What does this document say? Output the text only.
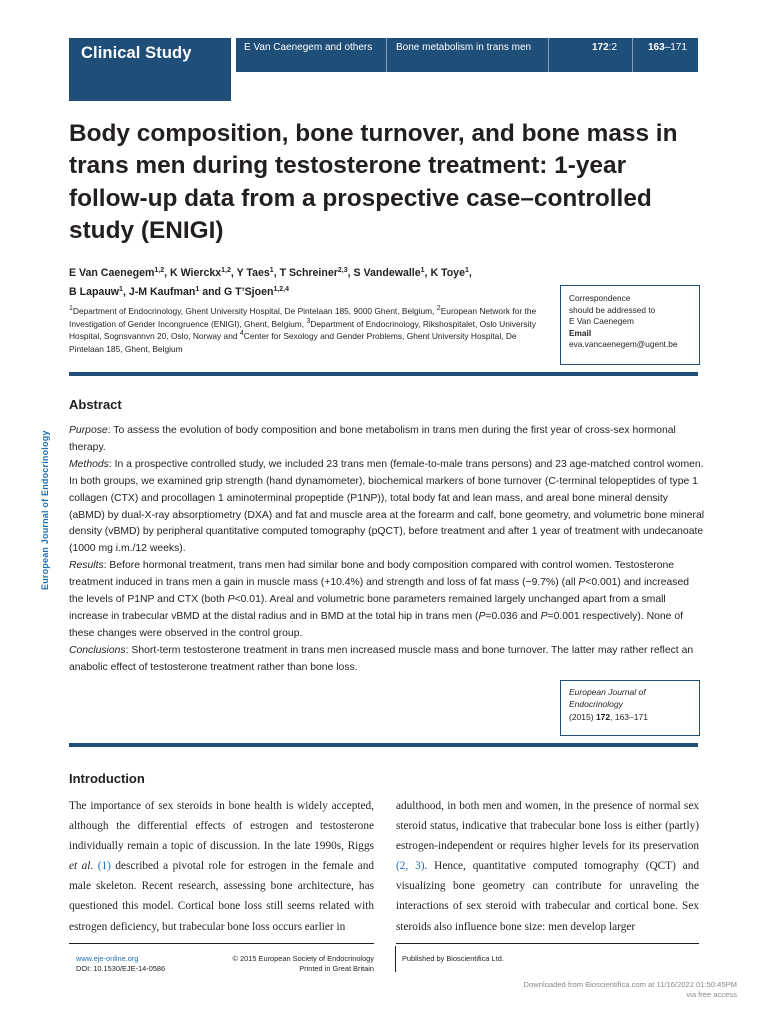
Clinical Study	E Van Caenegem and others Bone metabolism in trans men	172:2	163–171
Body composition, bone turnover, and bone mass in trans men during testosterone treatment: 1-year follow-up data from a prospective case–controlled study (ENIGI)
E Van Caenegem$^{1,2}$, K Wierckx$^{1,2}$, Y Taes$^1$, T Schreiner$^{2,3}$, S Vandewalle$^1$, K Toye$^1$,
B Lapauw$^1$, J-M Kaufman$^1$ and G T’Sjoen$^{1,2,4}$
$^1$Department of Endocrinology, Ghent University Hospital, De Pintelaan 185, 9000 Ghent, Belgium, $^2$European Network for the Investigation of Gender Incongruence (ENIGI), Ghent, Belgium, $^3$Department of Endocrinology, Rikshospitalet, Oslo University Hospital, Sognsvannvn 20, Oslo, Norway and $^4$Center for Sexology and Gender Problems, Ghent University Hospital, De Pintelaan 185, Ghent, Belgium
Correspondence
should be addressed to
E Van Caenegem
Email
eva.vancaenegem@ugent.be
European Journal of Endocrinology
Abstract

Purpose: To assess the evolution of body composition and bone metabolism in trans men during the first year of cross-sex hormonal therapy.

Methods: In a prospective controlled study, we included 23 trans men (female-to-male trans persons) and 23 age-matched control women. In both groups, we examined grip strength (hand dynamometer), biochemical markers of bone turnover (C-terminal telopeptides of type 1 collagen (CTX) and procollagen 1 aminoterminal propeptide (P1NP)), total body fat and lean mass, and areal bone mineral density (aBMD) by dual-X-ray absorptiometry (DXA) and fat and muscle area at the forearm and calf, bone geometry, and volumetric bone mineral density (vBMD) by peripheral quantitative computed tomography (pQCT), before treatment and after 1 year of treatment with undecanoate (1000 mg i.m./12 weeks).

Results: Before hormonal treatment, trans men had similar bone and body composition compared with control women. Testosterone treatment induced in trans men a gain in muscle mass (+10.4%) and strength and loss of fat mass (−9.7%) (all P<0.001) and increased the levels of P1NP and CTX (both P<0.01). Areal and volumetric bone parameters remained largely unchanged apart from a small increase in trabecular vBMD at the distal radius and in BMD at the total hip in trans men (P=0.036 and P=0.001 respectively). None of these changes were observed in the control group.

Conclusions: Short-term testosterone treatment in trans men increased muscle mass and bone turnover. The latter may rather reflect an anabolic effect of testosterone treatment rather than bone loss.

European Journal of
Endocrinology
(2015) 172, 163–171
Introduction
The importance of sex steroids in bone health is widely accepted, although the differential effects of estrogen and testosterone individually remain a topic of discussion. In the late 1990s, Riggs et al. (1) described a pivotal role for estrogen in the female and male skeleton. Recent research, assessing bone architecture, has questioned this model. Cortical bone loss still seems related with estrogen deficiency, but trabecular bone loss occurs earlier in
adulthood, in both men and women, in the presence of normal sex steroid status, indicative that trabecular bone loss is either (partly) estrogen-independent or requires higher levels for its preservation (2, 3). Hence, quantitative computed tomography (QCT) and visualizing bone geometry can contribute for unraveling the interactions of sex steroid with trabecular and cortical bone. Sex steroids also influence bone size: men develop larger
www.eje-online.org
DOI: 10.1530/EJE-14-0586
© 2015 European Society of Endocrinology
Printed in Great Britain
Published by Bioscientifica Ltd.
Downloaded from Bioscientifica.com at 11/16/2022 01:50:45PM
via free access
